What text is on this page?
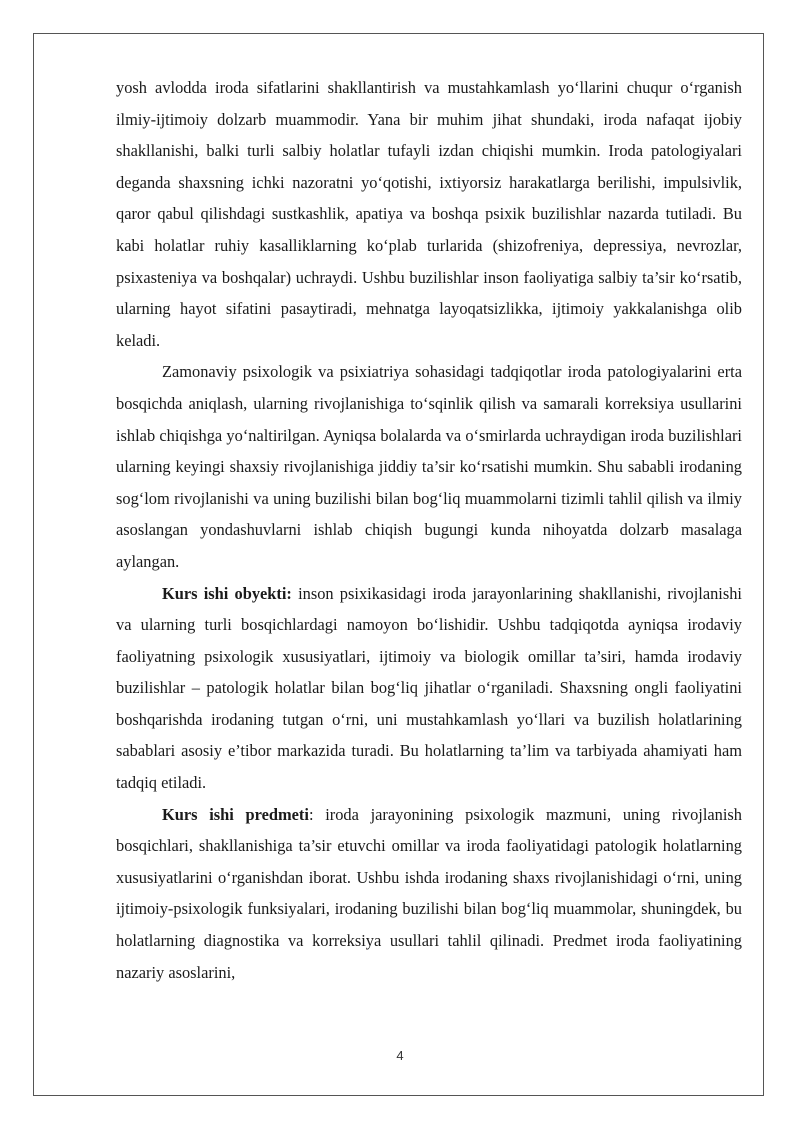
yosh avlodda iroda sifatlarini shakllantirish va mustahkamlash yo‘llarini chuqur o‘rganish ilmiy-ijtimoiy dolzarb muammodir. Yana bir muhim jihat shundaki, iroda nafaqat ijobiy shakllanishi, balki turli salbiy holatlar tufayli izdan chiqishi mumkin. Iroda patologiyalari deganda shaxsning ichki nazoratni yo‘qotishi, ixtiyorsiz harakatlarga berilishi, impulsivlik, qaror qabul qilishdagi sustkashlik, apatiya va boshqa psixik buzilishlar nazarda tutiladi. Bu kabi holatlar ruhiy kasalliklarning ko‘plab turlarida (shizofreniya, depressiya, nevrozlar, psixasteniya va boshqalar) uchraydi. Ushbu buzilishlar inson faoliyatiga salbiy ta’sir ko‘rsatib, ularning hayot sifatini pasaytiradi, mehnatga layoqatsizlikka, ijtimoiy yakkalanishga olib keladi.

Zamonaviy psixologik va psixiatriya sohasidagi tadqiqotlar iroda patologiyalarini erta bosqichda aniqlash, ularning rivojlanishiga to‘sqinlik qilish va samarali korreksiya usullarini ishlab chiqishga yo‘naltirilgan. Ayniqsa bolalarda va o‘smirlarda uchraydigan iroda buzilishlari ularning keyingi shaxsiy rivojlanishiga jiddiy ta’sir ko‘rsatishi mumkin. Shu sababli irodaning sog‘lom rivojlanishi va uning buzilishi bilan bog‘liq muammolarni tizimli tahlil qilish va ilmiy asoslangan yondashuvlarni ishlab chiqish bugungi kunda nihoyatda dolzarb masalaga aylangan.

Kurs ishi obyekti: inson psixikasidagi iroda jarayonlarining shakllanishi, rivojlanishi va ularning turli bosqichlardagi namoyon bo‘lishidir. Ushbu tadqiqotda ayniqsa irodaviy faoliyatning psixologik xususiyatlari, ijtimoiy va biologik omillar ta’siri, hamda irodaviy buzilishlar – patologik holatlar bilan bog‘liq jihatlar o‘rganiladi. Shaxsning ongli faoliyatini boshqarishda irodaning tutgan o‘rni, uni mustahkamlash yo‘llari va buzilish holatlarining sabablari asosiy e’tibor markazida turadi. Bu holatlarning ta’lim va tarbiyada ahamiyati ham tadqiq etiladi.

Kurs ishi predmeti: iroda jarayonining psixologik mazmuni, uning rivojlanish bosqichlari, shakllanishiga ta’sir etuvchi omillar va iroda faoliyatidagi patologik holatlarning xususiyatlarini o‘rganishdan iborat. Ushbu ishda irodaning shaxs rivojlanishidagi o‘rni, uning ijtimoiy-psixologik funksiyalari, irodaning buzilishi bilan bog‘liq muammolar, shuningdek, bu holatlarning diagnostika va korreksiya usullari tahlil qilinadi. Predmet iroda faoliyatining nazariy asoslarini,

4
